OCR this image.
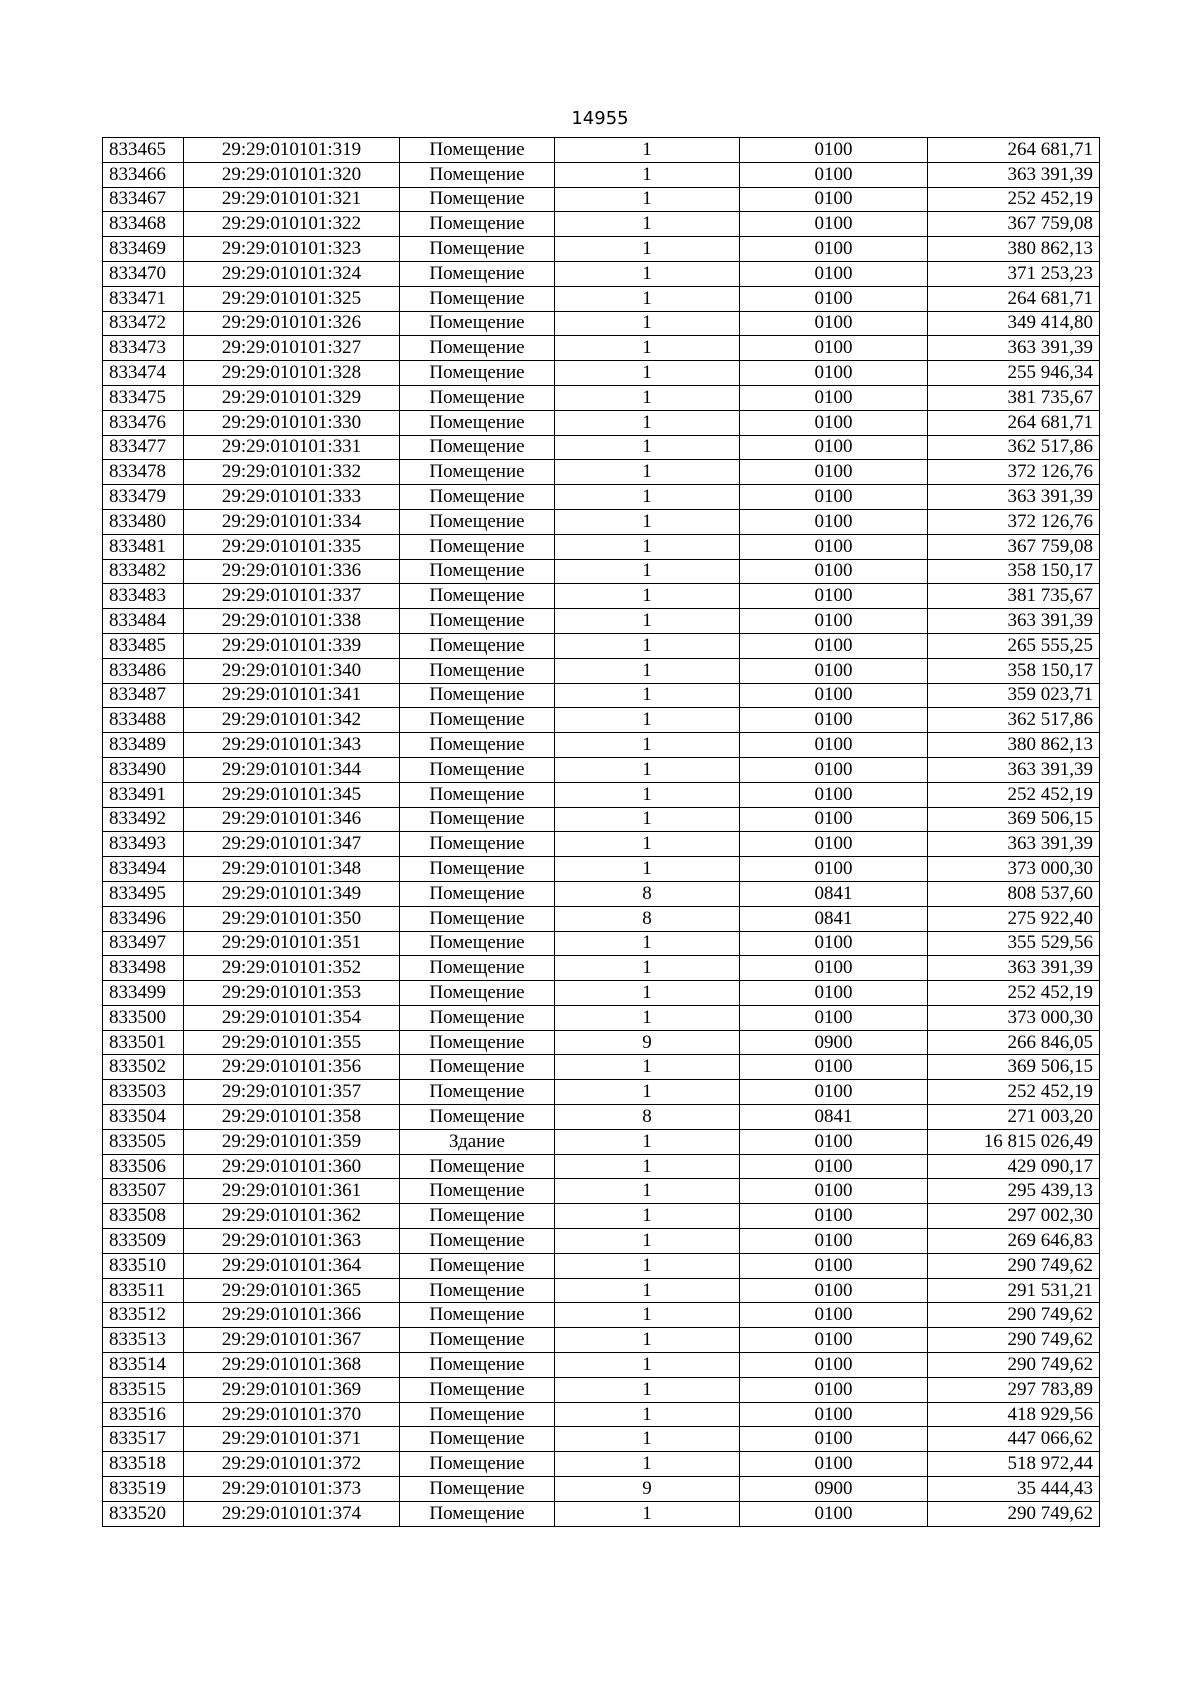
14955
833465	29:29:010101:319	Помещение	1	0100	264 681,71
833466	29:29:010101:320	Помещение	1	0100	363 391,39
833467	29:29:010101:321	Помещение	1	0100	252 452,19
833468	29:29:010101:322	Помещение	1	0100	367 759,08
833469	29:29:010101:323	Помещение	1	0100	380 862,13
833470	29:29:010101:324	Помещение	1	0100	371 253,23
833471	29:29:010101:325	Помещение	1	0100	264 681,71
833472	29:29:010101:326	Помещение	1	0100	349 414,80
833473	29:29:010101:327	Помещение	1	0100	363 391,39
833474	29:29:010101:328	Помещение	1	0100	255 946,34
833475	29:29:010101:329	Помещение	1	0100	381 735,67
833476	29:29:010101:330	Помещение	1	0100	264 681,71
833477	29:29:010101:331	Помещение	1	0100	362 517,86
833478	29:29:010101:332	Помещение	1	0100	372 126,76
833479	29:29:010101:333	Помещение	1	0100	363 391,39
833480	29:29:010101:334	Помещение	1	0100	372 126,76
833481	29:29:010101:335	Помещение	1	0100	367 759,08
833482	29:29:010101:336	Помещение	1	0100	358 150,17
833483	29:29:010101:337	Помещение	1	0100	381 735,67
833484	29:29:010101:338	Помещение	1	0100	363 391,39
833485	29:29:010101:339	Помещение	1	0100	265 555,25
833486	29:29:010101:340	Помещение	1	0100	358 150,17
833487	29:29:010101:341	Помещение	1	0100	359 023,71
833488	29:29:010101:342	Помещение	1	0100	362 517,86
833489	29:29:010101:343	Помещение	1	0100	380 862,13
833490	29:29:010101:344	Помещение	1	0100	363 391,39
833491	29:29:010101:345	Помещение	1	0100	252 452,19
833492	29:29:010101:346	Помещение	1	0100	369 506,15
833493	29:29:010101:347	Помещение	1	0100	363 391,39
833494	29:29:010101:348	Помещение	1	0100	373 000,30
833495	29:29:010101:349	Помещение	8	0841	808 537,60
833496	29:29:010101:350	Помещение	8	0841	275 922,40
833497	29:29:010101:351	Помещение	1	0100	355 529,56
833498	29:29:010101:352	Помещение	1	0100	363 391,39
833499	29:29:010101:353	Помещение	1	0100	252 452,19
833500	29:29:010101:354	Помещение	1	0100	373 000,30
833501	29:29:010101:355	Помещение	9	0900	266 846,05
833502	29:29:010101:356	Помещение	1	0100	369 506,15
833503	29:29:010101:357	Помещение	1	0100	252 452,19
833504	29:29:010101:358	Помещение	8	0841	271 003,20
833505	29:29:010101:359	Здание	1	0100	16 815 026,49
833506	29:29:010101:360	Помещение	1	0100	429 090,17
833507	29:29:010101:361	Помещение	1	0100	295 439,13
833508	29:29:010101:362	Помещение	1	0100	297 002,30
833509	29:29:010101:363	Помещение	1	0100	269 646,83
833510	29:29:010101:364	Помещение	1	0100	290 749,62
833511	29:29:010101:365	Помещение	1	0100	291 531,21
833512	29:29:010101:366	Помещение	1	0100	290 749,62
833513	29:29:010101:367	Помещение	1	0100	290 749,62
833514	29:29:010101:368	Помещение	1	0100	290 749,62
833515	29:29:010101:369	Помещение	1	0100	297 783,89
833516	29:29:010101:370	Помещение	1	0100	418 929,56
833517	29:29:010101:371	Помещение	1	0100	447 066,62
833518	29:29:010101:372	Помещение	1	0100	518 972,44
833519	29:29:010101:373	Помещение	9	0900	35 444,43
833520	29:29:010101:374	Помещение	1	0100	290 749,62
